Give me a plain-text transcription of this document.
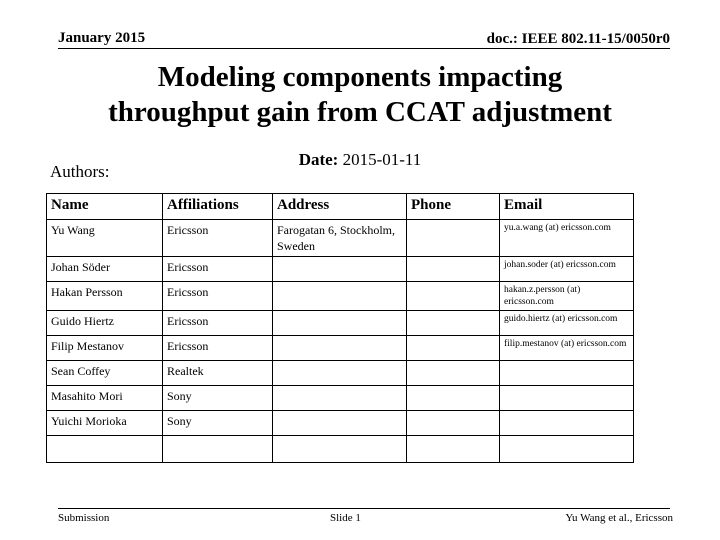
January 2015	doc.: IEEE 802.11-15/0050r0
Modeling components impacting
throughput gain from CCAT adjustment
Date: 2015-01-11
Authors:
Name	Affiliations	Address	Phone	Email
Yu Wang	Ericsson	Farogatan 6, Stockholm, Sweden		yu.a.wang (at) ericsson.com
Johan Söder	Ericsson			johan.soder (at) ericsson.com
Hakan Persson	Ericsson			hakan.z.persson (at) ericsson.com
Guido Hiertz	Ericsson			guido.hiertz (at) ericsson.com
Filip Mestanov	Ericsson			filip.mestanov (at) ericsson.com
Sean Coffey	Realtek			
Masahito Mori	Sony			
Yuichi Morioka	Sony			

Submission	Slide 1	Yu Wang et al., Ericsson
